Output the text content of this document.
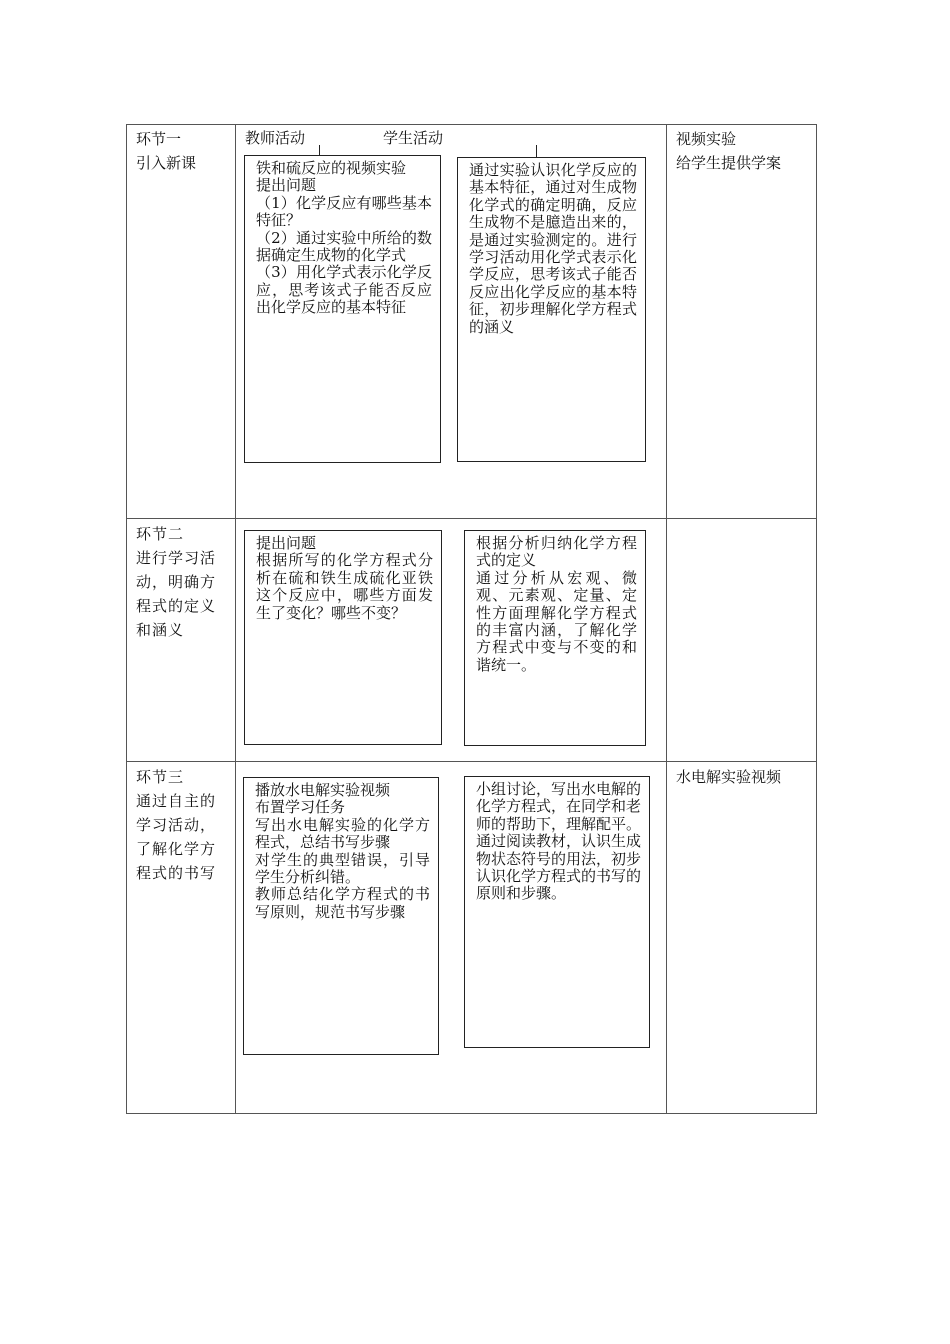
环节一
引入新课
教师活动	学生活动
铁和硫反应的视频实验
提出问题
（1）化学反应有哪些基本特征？
（2）通过实验中所给的数据确定生成物的化学式
（3）用化学式表示化学反应，思考该式子能否反应出化学反应的基本特征
通过实验认识化学反应的基本特征，通过对生成物化学式的确定明确，反应生成物不是臆造出来的，是通过实验测定的。进行学习活动用化学式表示化学反应，思考该式子能否反应出化学反应的基本特征，初步理解化学方程式的涵义
视频实验
给学生提供学案
环节二
进行学习活动，明确方程式的定义和涵义
提出问题
根据所写的化学方程式分析在硫和铁生成硫化亚铁这个反应中，哪些方面发生了变化？哪些不变？
根据分析归纳化学方程式的定义
通过分析从宏观、微观、元素观、定量、定性方面理解化学方程式的丰富内涵，了解化学方程式中变与不变的和谐统一。
环节三
通过自主的学习活动，了解化学方程式的书写
播放水电解实验视频
布置学习任务
写出水电解实验的化学方程式，总结书写步骤
对学生的典型错误，引导学生分析纠错。
教师总结化学方程式的书写原则，规范书写步骤
小组讨论，写出水电解的化学方程式，在同学和老师的帮助下，理解配平。
通过阅读教材，认识生成物状态符号的用法，初步认识化学方程式的书写的原则和步骤。
水电解实验视频
